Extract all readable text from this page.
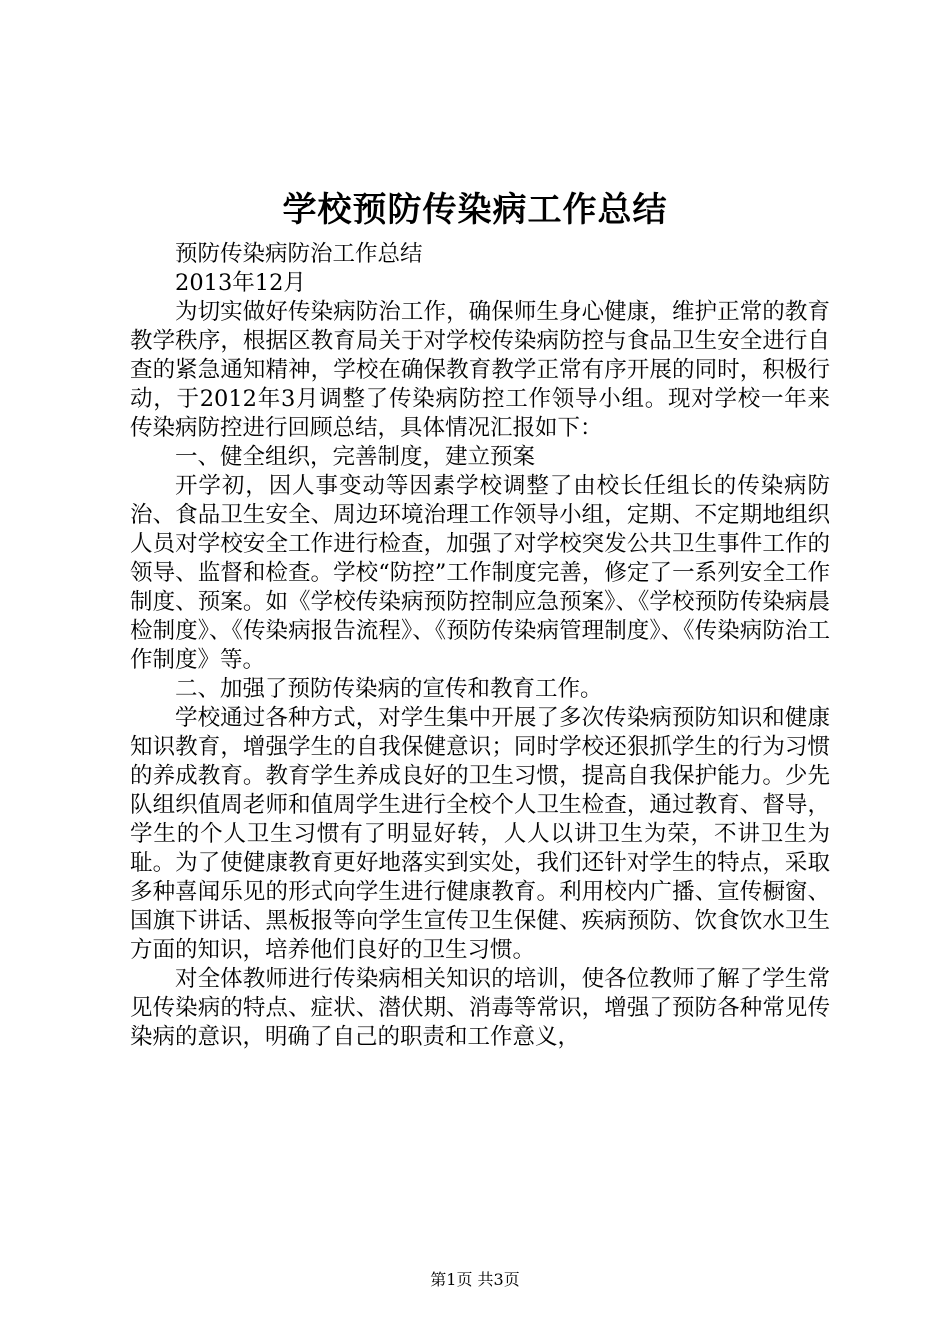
学校预防传染病工作总结

预防传染病防治工作总结

2013年12月

为切实做好传染病防治工作，确保师生身心健康，维护正常的教育教学秩序，根据区教育局关于对学校传染病防控与食品卫生安全进行自查的紧急通知精神，学校在确保教育教学正常有序开展的同时，积极行动，于2012年3月调整了传染病防控工作领导小组。现对学校一年来传染病防控进行回顾总结，具体情况汇报如下：

一、健全组织，完善制度，建立预案

开学初，因人事变动等因素学校调整了由校长任组长的传染病防治、食品卫生安全、周边环境治理工作领导小组，定期、不定期地组织人员对学校安全工作进行检查，加强了对学校突发公共卫生事件工作的领导、监督和检查。学校“防控”工作制度完善，修定了一系列安全工作制度、预案。如《学校传染病预防控制应急预案》、《学校预防传染病晨检制度》、《传染病报告流程》、《预防传染病管理制度》、《传染病防治工作制度》等。

二、加强了预防传染病的宣传和教育工作。

学校通过各种方式，对学生集中开展了多次传染病预防知识和健康知识教育，增强学生的自我保健意识；同时学校还狠抓学生的行为习惯的养成教育。教育学生养成良好的卫生习惯，提高自我保护能力。少先队组织值周老师和值周学生进行全校个人卫生检查，通过教育、督导，学生的个人卫生习惯有了明显好转，人人以讲卫生为荣，不讲卫生为耻。为了使健康教育更好地落实到实处，我们还针对学生的特点，采取多种喜闻乐见的形式向学生进行健康教育。利用校内广播、宣传橱窗、国旗下讲话、黑板报等向学生宣传卫生保健、疾病预防、饮食饮水卫生方面的知识，培养他们良好的卫生习惯。

对全体教师进行传染病相关知识的培训，使各位教师了解了学生常见传染病的特点、症状、潜伏期、消毒等常识，增强了预防各种常见传染病的意识，明确了自己的职责和工作意义，

第1页 共3页
